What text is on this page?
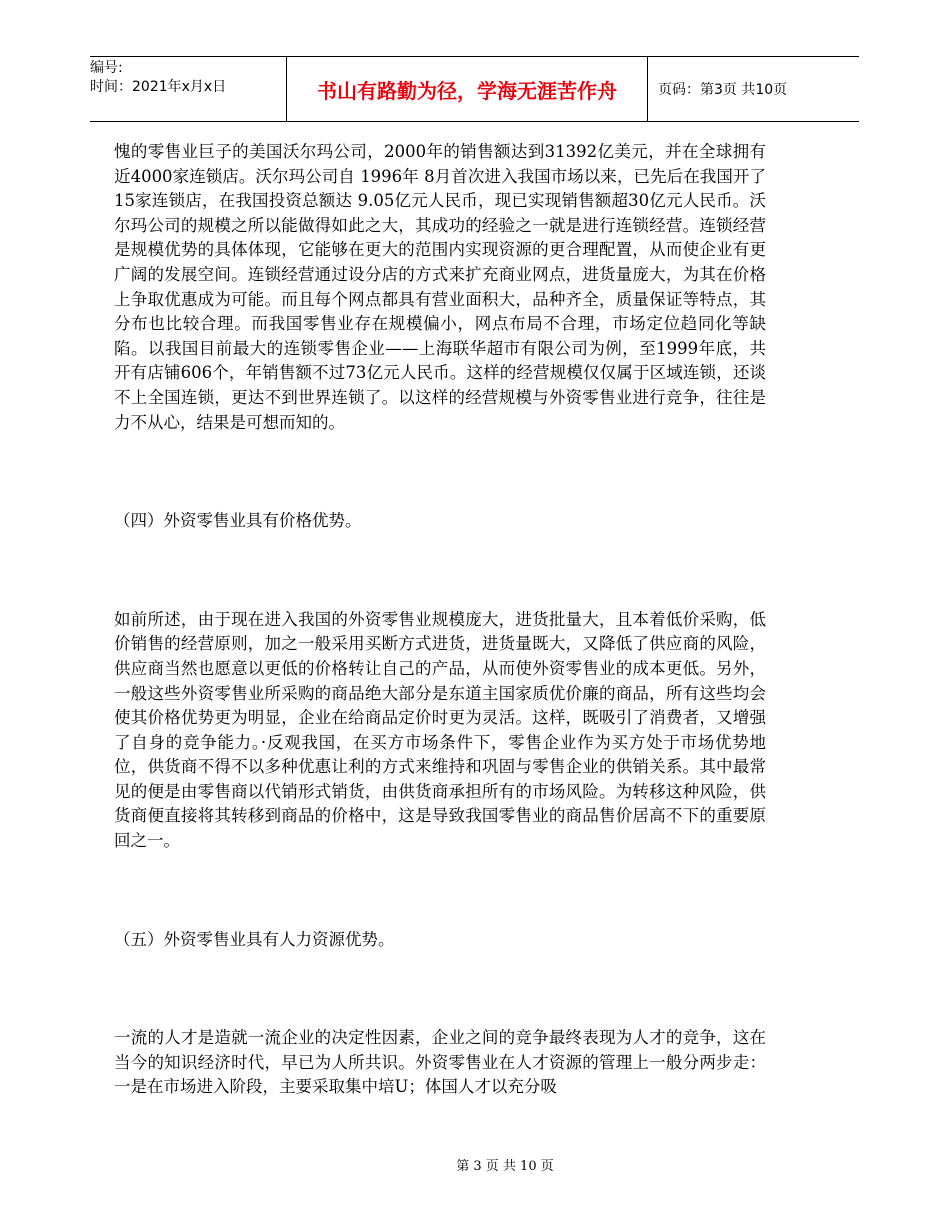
编号:
时间：2021年x月x日	书山有路勤为径，学海无涯苦作舟	页码：第3页 共10页

愧的零售业巨子的美国沃尔玛公司，2000年的销售额达到31392亿美元，并在全球拥有近4000家连锁店。沃尔玛公司自 1996年 8月首次进入我国市场以来，已先后在我国开了 15家连锁店，在我国投资总额达 9.05亿元人民币，现已实现销售额超30亿元人民币。沃尔玛公司的规模之所以能做得如此之大，其成功的经验之一就是进行连锁经营。连锁经营是规模优势的具体体现，它能够在更大的范围内实现资源的更合理配置，从而使企业有更广阔的发展空间。连锁经营通过设分店的方式来扩充商业网点，进货量庞大，为其在价格上争取优惠成为可能。而且每个网点都具有营业面积大，品种齐全，质量保证等特点，其分布也比较合理。而我国零售业存在规模偏小，网点布局不合理，市场定位趋同化等缺陷。以我国目前最大的连锁零售企业——上海联华超市有限公司为例，至1999年底，共开有店铺606个，年销售额不过73亿元人民币。这样的经营规模仅仅属于区域连锁，还谈不上全国连锁，更达不到世界连锁了。以这样的经营规模与外资零售业进行竞争，往往是力不从心，结果是可想而知的。

（四）外资零售业具有价格优势。

如前所述，由于现在进入我国的外资零售业规模庞大，进货批量大，且本着低价采购，低价销售的经营原则，加之一般采用买断方式进货，进货量既大，又降低了供应商的风险，供应商当然也愿意以更低的价格转让自己的产品，从而使外资零售业的成本更低。另外，一般这些外资零售业所采购的商品绝大部分是东道主国家质优价廉的商品，所有这些均会使其价格优势更为明显，企业在给商品定价时更为灵活。这样，既吸引了消费者，又增强了自身的竞争能力。·反观我国，在买方市场条件下，零售企业作为买方处于市场优势地位，供货商不得不以多种优惠让利的方式来维持和巩固与零售企业的供销关系。其中最常见的便是由零售商以代销形式销货，由供货商承担所有的市场风险。为转移这种风险，供货商便直接将其转移到商品的价格中，这是导致我国零售业的商品售价居高不下的重要原回之一。

（五）外资零售业具有人力资源优势。

一流的人才是造就一流企业的决定性因素，企业之间的竞争最终表现为人才的竞争，这在当今的知识经济时代，早已为人所共识。外资零售业在人才资源的管理上一般分两步走：一是在市场进入阶段，主要采取集中培U；体国人才以充分吸

第 3 页 共 10 页
